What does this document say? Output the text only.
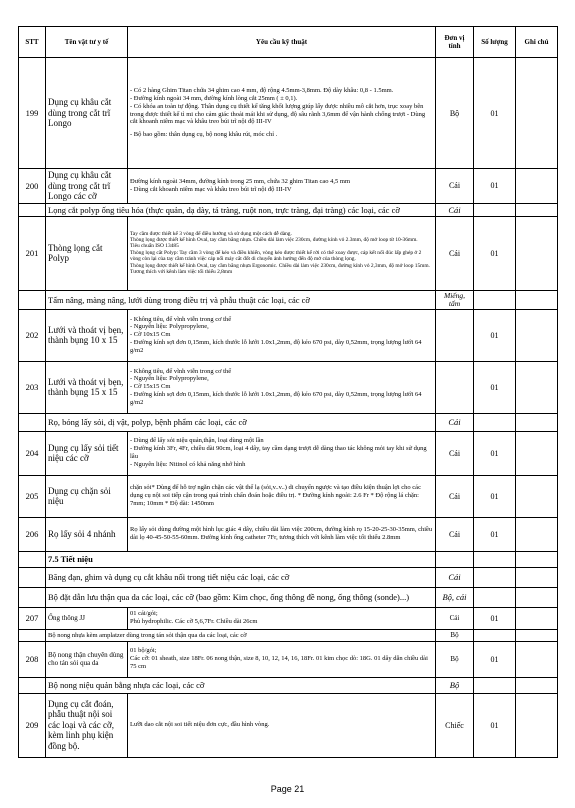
STT	Tên vật tư y tế	Yêu cầu kỹ thuật	Đơn vị tính	Số lượng	Ghi chú
199	Dụng cụ khâu cắt dùng trong cắt trĩ Longo	- Có 2 hàng Ghim Titan chứa 34 ghim cao 4 mm, độ rộng 4.5mm-3,8mm. Độ dày khâu: 0,8 - 1.5mm.
- Đường kính ngoài 34 mm, đường kính lòng cắt 25mm ( ± 0,1).
- Có khóa an toàn tự động. Thân dụng cụ thiết kế tăng khối lượng giúp lấy được nhiều mô cắt hơn, trục xoay bên trong được thiết kế tì mi cho cảm giác thoải mái khi sử dụng, độ sâu rãnh 3,6mm để vận hành chống trượt - Dùng cắt khoanh niêm mạc và khâu treo búi trĩ nội độ III-IV
- Bộ bao gồm: thân dụng cụ, bộ nong khâu rút, móc chỉ .	Bộ	01	
200	Dụng cụ khâu cắt dùng trong cắt trĩ Longo các cỡ	Đường kính ngoài 34mm, đường kính trong 25 mm, chứa 32 ghim Titan cao 4,5 mm
- Dùng cắt khoanh niêm mạc và khâu treo búi trĩ nội độ III-IV	Cái	01	
	Lọng cắt polyp ống tiêu hóa (thực quản, dạ dày, tá tràng, ruột non, trực tràng, đại tràng) các loại, các cỡ		Cái		
201	Thòng lọng cắt Polyp	Tay cầm được thiết kế 3 vòng để điều hướng và sử dụng một cách dễ dàng.
Thòng lọng được thiết kế hình Oval, tay cầm bằng nhựa. Chiều dài làm việc 230cm, đường kính vỏ 2.3mm, độ mở loop từ 10-36mm.
Tiêu chuẩn ISO 13485
Thòng lọng cắt Polyp: Tay cầm 3 vòng để kéo và điều khiển, vòng kéo được thiết kế rời có thể xoay được, cáp kết nối đúc lấp ghép ở 2 vòng còn lại của tay cầm tránh việc cáp nối máy cắt đốt di chuyển ảnh hưởng đến độ mở của thòng lọng.
Thòng lọng được thiết kế hình Oval, tay cầm bằng nhựa Ergonomic. Chiều dài làm việc 230cm, đường kính vỏ 2,3mm, độ mở loop 15mm. Tương thích với kênh làm việc tối thiểu 2,8mm	Cái	01	
	Tấm nâng, màng nâng, lưới dùng trong điều trị và phẫu thuật các loại, các cỡ		Miếng, tấm		
202	Lưới và thoát vị bẹn, thành bụng 10 x 15	- Không tiêu, để vĩnh viễn trong cơ thể
- Nguyên liệu: Polypropylene,
- Cỡ 10x15 Cm
- Đường kính sợi đơn 0,15mm, kích thước lỗ lưới 1.0x1,2mm, độ kéo 670 psi, dày 0,52mm, trọng lượng lưới 64 g/m2		01	
203	Lưới và thoát vị bẹn, thành bụng 15 x 15	- Không tiêu, để vĩnh viễn trong cơ thể
- Nguyên liệu: Polypropylene,
- Cỡ 15x15 Cm
- Đường kính sợi đơn 0,15mm, kích thước lỗ lưới 1.0x1,2mm, độ kéo 670 psi, dày 0,52mm, trọng lượng lưới 64 g/m2		01	
	Rọ, bóng lấy sỏi, dị vật, polyp, bệnh phẩm các loại, các cỡ		Cái		
204	Dụng cụ lấy sỏi tiết niệu các cỡ	- Dùng để lấy sỏi niệu quản,thận, loại dùng một lần
- Đường kính 3Fr, 4Fr, chiều dài 90cm, loại 4 dây, tay cầm dạng trượt dễ dàng thao tác không mỏi tay khi sử dụng lâu
- Nguyên liệu: Nitinol có khả năng nhớ hình	Cái	01	
205	Dụng cụ chặn sỏi niệu	chặn sỏi* Dùng để hỗ trợ ngăn chặn các vật thể lạ (sỏi,v..v..) di chuyển ngược và tạo điều kiện thuận lợi cho các dụng cụ nội soi tiếp cận trong quá trình chẩn đoán hoặc điều trị. * Đường kính ngoài: 2.6 Fr * Độ rộng lá chặn: 7mm; 10mm * Độ dài: 1450mm	Cái	01	
206	Rọ lấy sỏi 4 nhánh	Rọ lấy sỏi dùng đường một hình lục giác 4 dây, chiều dài làm việc 200cm, đường kính rọ 15-20-25-30-35mm, chiều dài lọ 40-45-50-55-60mm. Đường kính ống catheter 7Fr, tương thích với kênh làm việc tối thiểu 2.8mm	Cái	01	
	7.5 Tiết niệu				
	Băng đạn, ghim và dụng cụ cắt khâu nối trong tiết niệu các loại, các cỡ		Cái		
	Bộ đặt dẫn lưu thận qua da các loại, các cỡ (bao gồm: Kim chọc, ống thông đề nong, ống thông (sonde)...)		Bộ, cái		
207	Ống thông JJ	01 cái/gói;
Phủ hydrophilic. Các cỡ 5,6,7Fr. Chiều dài 26cm	Cái	01	
	Bộ nong nhựa kèm amplatzer dùng trong tán sỏi thận qua da các loại, các cỡ		Bộ		
208	Bộ nong thận chuyên dùng cho tán sỏi qua da	01 bộ/gói;
Các cỡ: 01 sheath, size 18Fr. 06 nong thận, size 8, 10, 12, 14, 16, 18Fr. 01 kim chọc dò: 18G. 01 dây dẫn chiều dài 75 cm	Bộ	01	
	Bộ nong niệu quản bằng nhựa các loại, các cỡ		Bộ		
209	Dụng cụ cắt đoán, phẫu thuật nội soi các loại và các cỡ, kèm linh phụ kiện đồng bộ.	Lưỡi dao cắt nội soi tiết niệu đơn cực, đầu hình vòng.	Chiếc	01	
Page 21
